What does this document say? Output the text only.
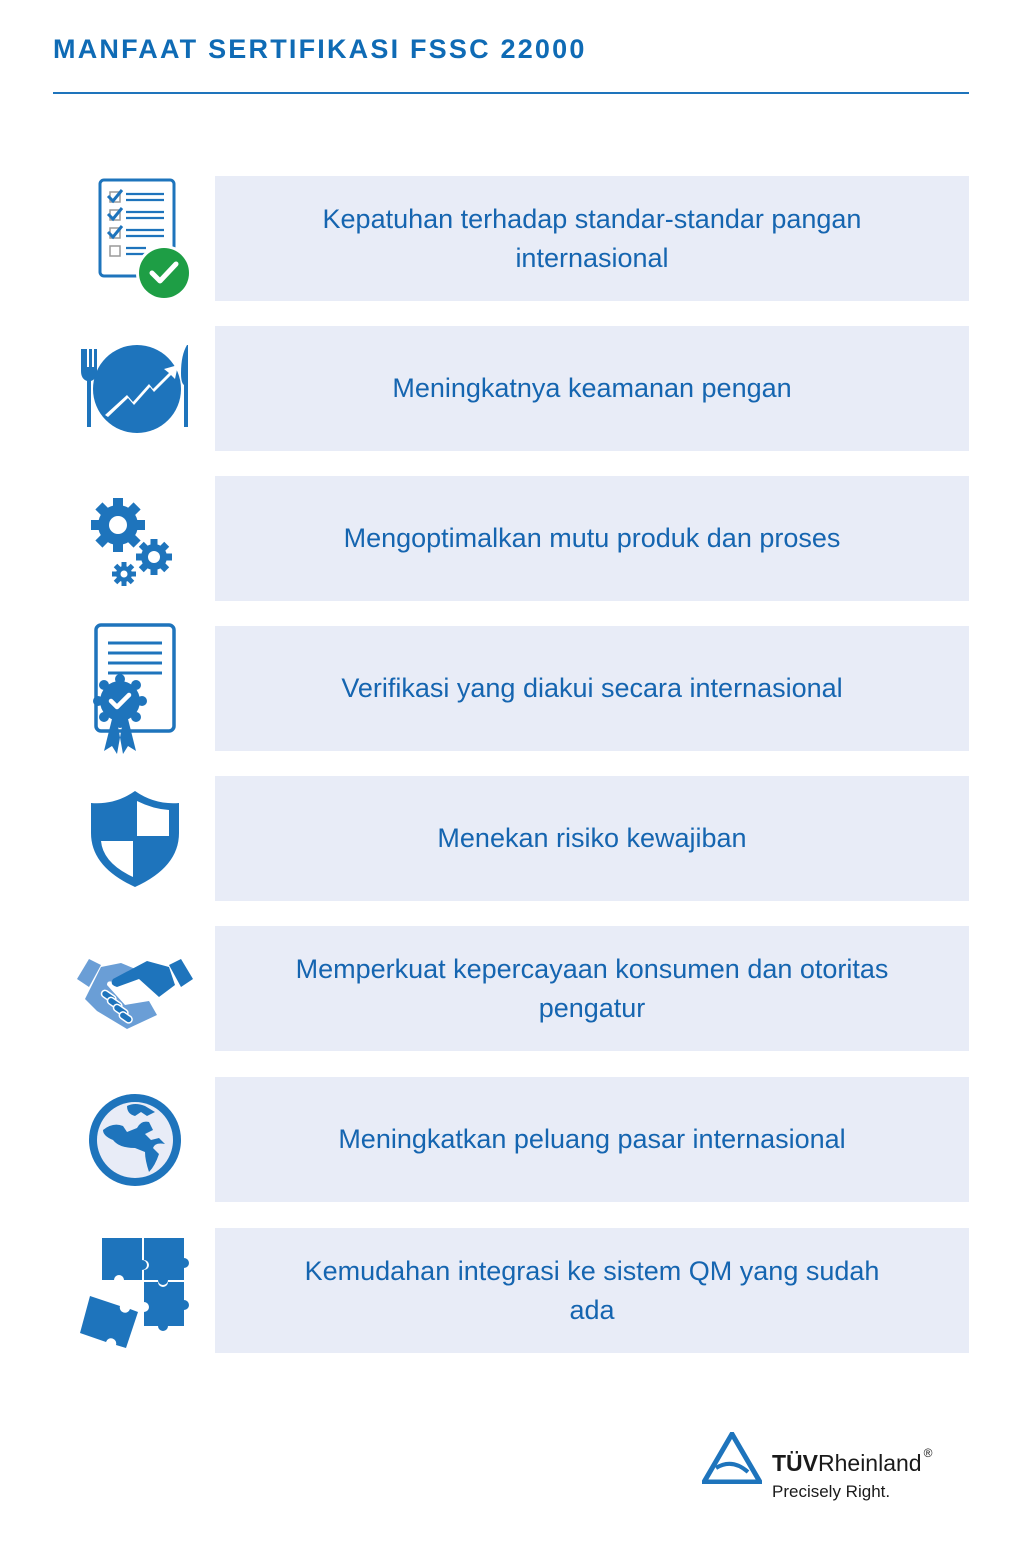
MANFAAT SERTIFIKASI FSSC 22000
Kepatuhan terhadap standar-standar pangan internasional
Meningkatnya keamanan pengan
Mengoptimalkan mutu produk dan proses
Verifikasi yang diakui secara internasional
Menekan risiko kewajiban
Memperkuat kepercayaan konsumen dan otoritas pengatur
Meningkatkan peluang pasar internasional
Kemudahan integrasi ke sistem QM yang sudah ada
TÜVRheinland ®
Precisely Right.
